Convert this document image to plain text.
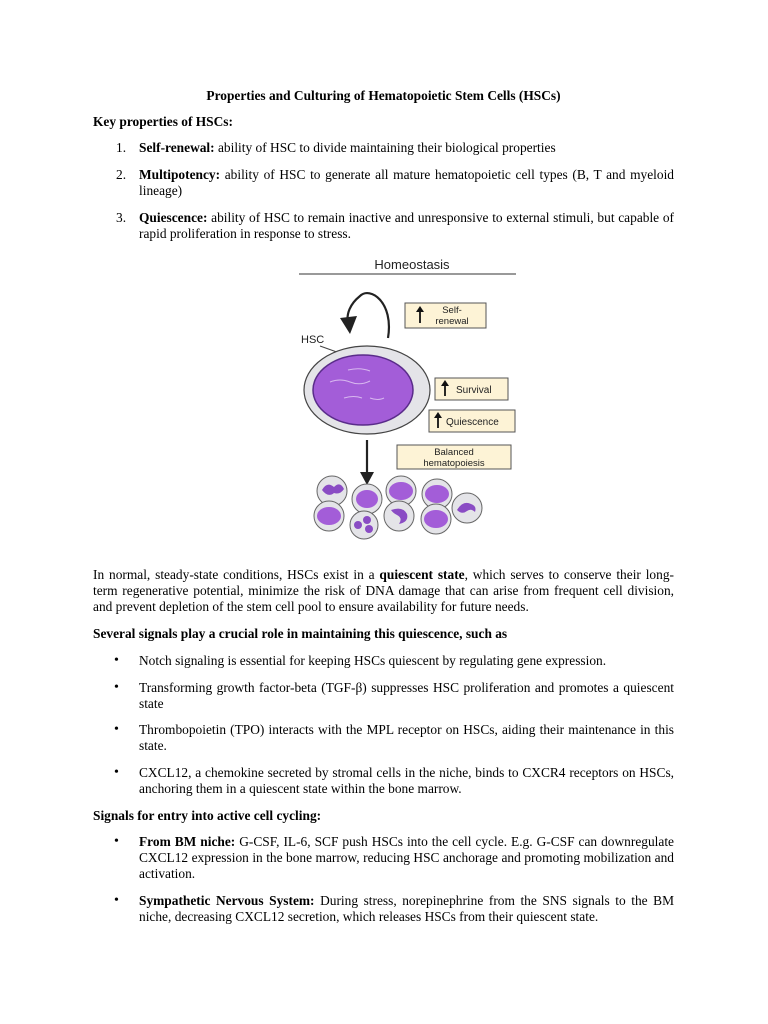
Properties and Culturing of Hematopoietic Stem Cells (HSCs)
Key properties of HSCs:
1. Self-renewal: ability of HSC to divide maintaining their biological properties
2. Multipotency: ability of HSC to generate all mature hematopoietic cell types (B, T and myeloid lineage)
3. Quiescence: ability of HSC to remain inactive and unresponsive to external stimuli, but capable of rapid proliferation in response to stress.
Homeostasis
Self-
renewal
HSC
Survival
Quiescence
Balanced
hematopoiesis
In normal, steady-state conditions, HSCs exist in a quiescent state, which serves to conserve their long-term regenerative potential, minimize the risk of DNA damage that can arise from frequent cell division, and prevent depletion of the stem cell pool to ensure availability for future needs.
Several signals play a crucial role in maintaining this quiescence, such as
•	Notch signaling is essential for keeping HSCs quiescent by regulating gene expression.
•	Transforming growth factor-beta (TGF-β) suppresses HSC proliferation and promotes a quiescent state
•	Thrombopoietin (TPO) interacts with the MPL receptor on HSCs, aiding their maintenance in this state.
•	CXCL12, a chemokine secreted by stromal cells in the niche, binds to CXCR4 receptors on HSCs, anchoring them in a quiescent state within the bone marrow.
Signals for entry into active cell cycling:
•	From BM niche: G-CSF, IL-6, SCF push HSCs into the cell cycle. E.g. G-CSF can downregulate CXCL12 expression in the bone marrow, reducing HSC anchorage and promoting mobilization and activation.
•	Sympathetic Nervous System: During stress, norepinephrine from the SNS signals to the BM niche, decreasing CXCL12 secretion, which releases HSCs from their quiescent state.
